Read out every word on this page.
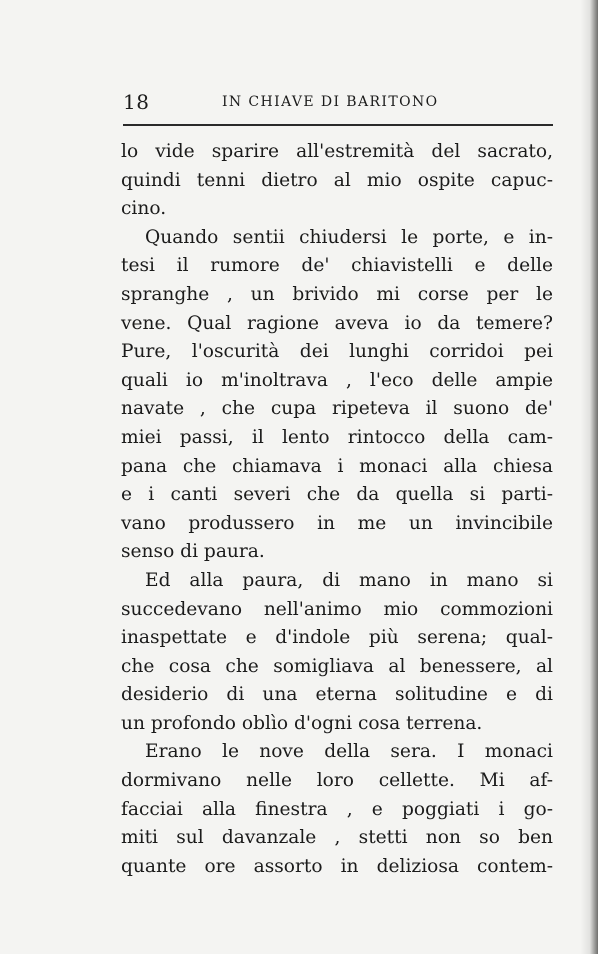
18	IN CHIAVE DI BARITONO
lo vide sparire all'estremità del sacrato,
quindi tenni dietro al mio ospite capuc-
cino.
Quando sentii chiudersi le porte, e in-
tesi il rumore de' chiavistelli e delle
spranghe , un brivido mi corse per le
vene. Qual ragione aveva io da temere?
Pure, l'oscurità dei lunghi corridoi pei
quali io m'inoltrava , l'eco delle ampie
navate , che cupa ripeteva il suono de'
miei passi, il lento rintocco della cam-
pana che chiamava i monaci alla chiesa
e i canti severi che da quella si parti-
vano produssero in me un invincibile
senso di paura.
Ed alla paura, di mano in mano si
succedevano nell'animo mio commozioni
inaspettate e d'indole più serena; qual-
che cosa che somigliava al benessere, al
desiderio di una eterna solitudine e di
un profondo oblìo d'ogni cosa terrena.
Erano le nove della sera. I monaci
dormivano nelle loro cellette. Mi af-
facciai alla finestra , e poggiati i go-
miti sul davanzale , stetti non so ben
quante ore assorto in deliziosa contem-
